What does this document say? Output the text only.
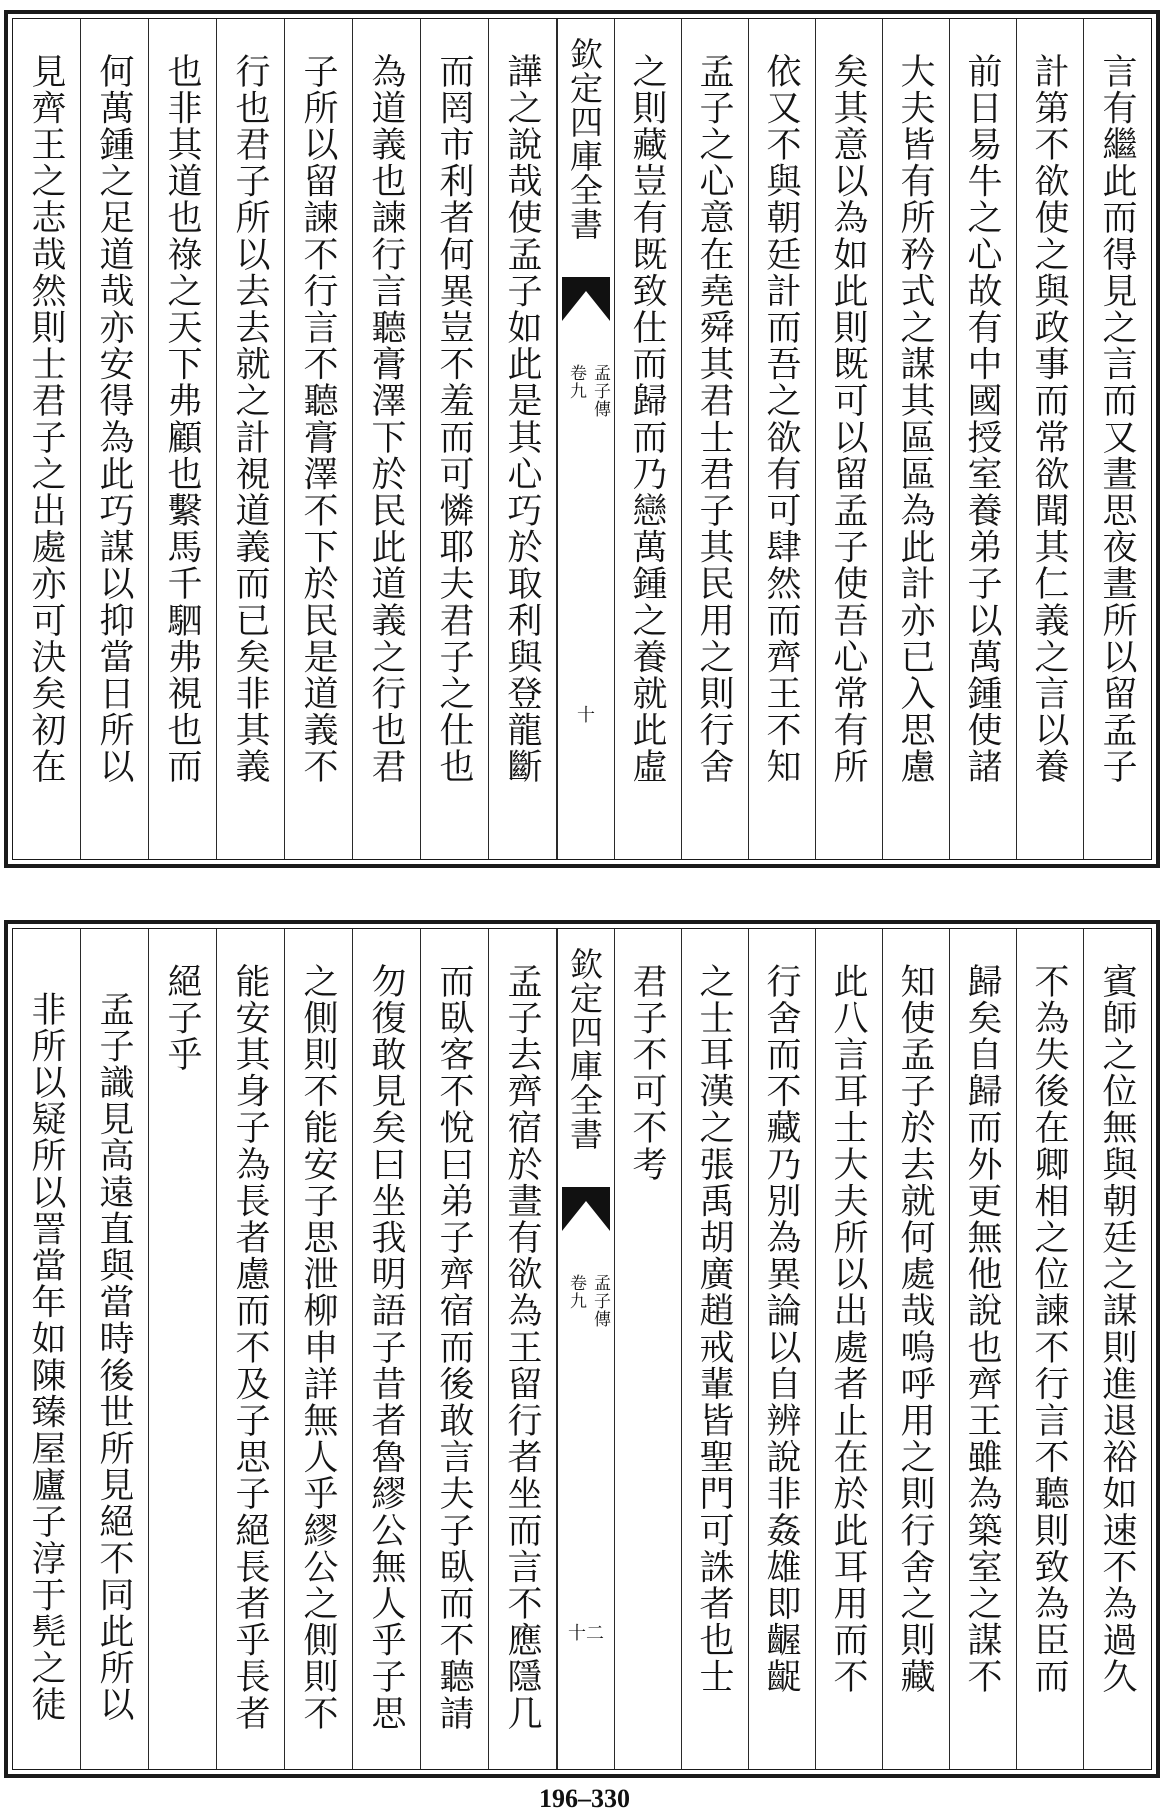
見齊王之志哉然則士君子之出處亦可決矣初在 何萬鍾之足道哉亦安得為此巧謀以抑當日所以 也非其道也祿之天下弗顧也繫馬千駟弗視也而 行也君子所以去去就之計視道義而已矣非其義 子所以留諫不行言不聽膏澤不下於民是道義不 為道義也諫行言聽膏澤下於民此道義之行也君 而罔市利者何異豈不羞而可憐耶夫君子之仕也 譁之說哉使孟子如此是其心巧於取利與登龍斷 欽定四庫全書
孟子傳
卷九
十 之則藏豈有既致仕而歸而乃戀萬鍾之養就此虛 孟子之心意在堯舜其君士君子其民用之則行舍 依又不與朝廷計而吾之欲有可肆然而齊王不知 矣其意以為如此則既可以留孟子使吾心常有所 大夫皆有所矜式之謀其區區為此計亦已入思慮 前日易牛之心故有中國授室養弟子以萬鍾使諸 計第不欲使之與政事而常欲聞其仁義之言以養 言有繼此而得見之言而又晝思夜晝所以留孟子
非所以疑所以詈當年如陳臻屋廬子淳于髡之徒 孟子識見高遠直與當時後世所見絕不同此所以 絕子乎 能安其身子為長者慮而不及子思子絕長者乎長者 之側則不能安子思泄柳申詳無人乎繆公之側則不 勿復敢見矣曰坐我明語子昔者魯繆公無人乎子思 而臥客不悅曰弟子齊宿而後敢言夫子臥而不聽請 孟子去齊宿於晝有欲為王留行者坐而言不應隱几 欽定四庫全書
孟子傳
卷九
十二
君子不可不考 之士耳漢之張禹胡廣趙戒輩皆聖門可誅者也士 行舍而不藏乃別為異論以自辨說非姦雄即齷齪 此八言耳士大夫所以出處者止在於此耳用而不 知使孟子於去就何處哉嗚呼用之則行舍之則藏 歸矣自歸而外更無他說也齊王雖為築室之謀不 不為失後在卿相之位諫不行言不聽則致為臣而 賓師之位無與朝廷之謀則進退裕如速不為過久
196–330
